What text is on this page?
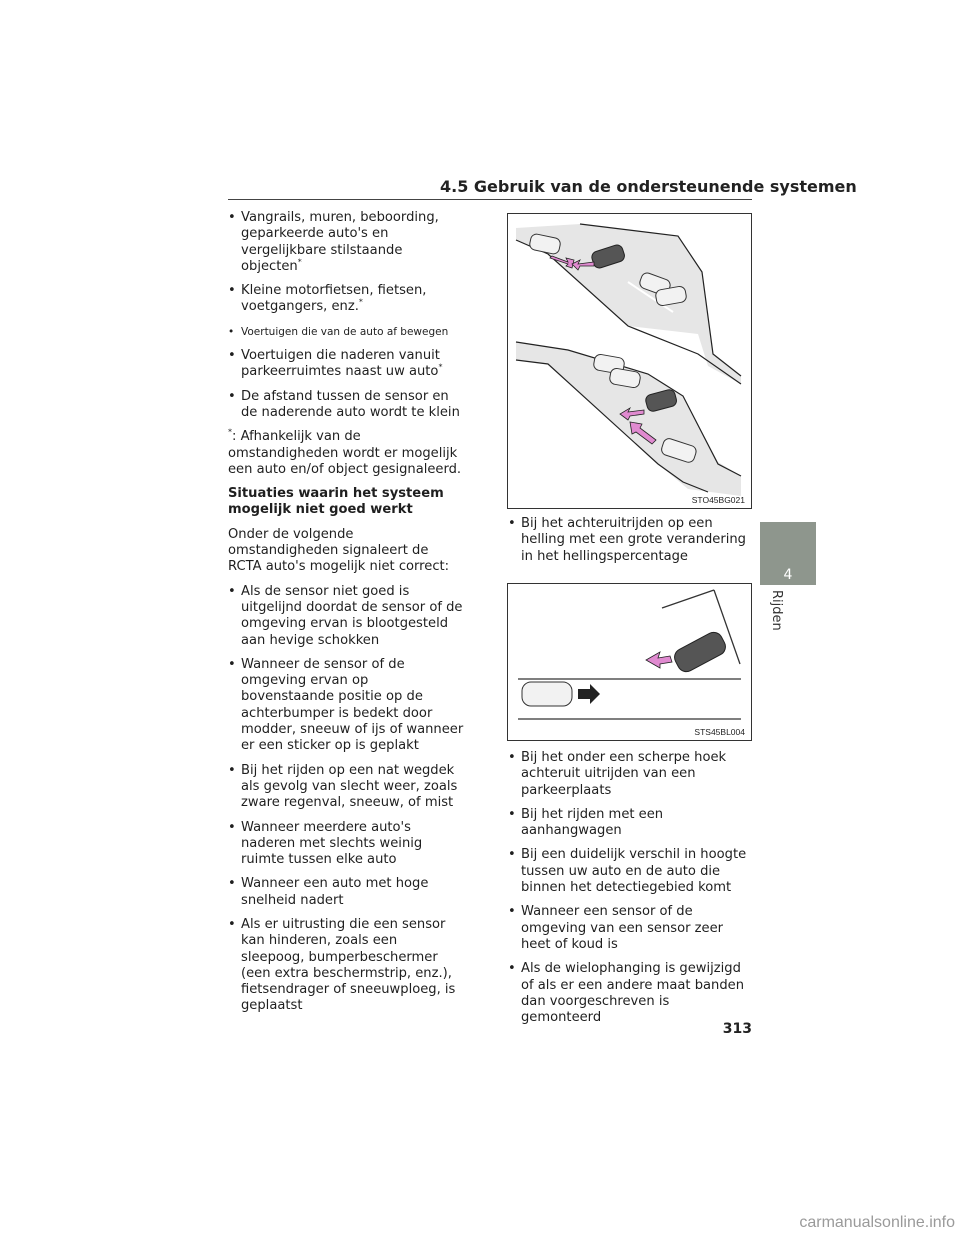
4.5 Gebruik van de ondersteunende systemen
• Vangrails, muren, beboording, geparkeerde auto's en vergelijkbare stilstaande objecten*
• Kleine motorfietsen, fietsen, voetgangers, enz.*
• Voertuigen die van de auto af bewegen
• Voertuigen die naderen vanuit parkeerruimtes naast uw auto*
• De afstand tussen de sensor en de naderende auto wordt te klein
*: Afhankelijk van de omstandigheden wordt er mogelijk een auto en/of object gesignaleerd.
Situaties waarin het systeem mogelijk niet goed werkt
Onder de volgende omstandigheden signaleert de RCTA auto's mogelijk niet correct:
• Als de sensor niet goed is uitgelijnd doordat de sensor of de omgeving ervan is blootgesteld aan hevige schokken
• Wanneer de sensor of de omgeving ervan op bovenstaande positie op de achterbumper is bedekt door modder, sneeuw of ijs of wanneer er een sticker op is geplakt
• Bij het rijden op een nat wegdek als gevolg van slecht weer, zoals zware regenval, sneeuw, of mist
• Wanneer meerdere auto's naderen met slechts weinig ruimte tussen elke auto
• Wanneer een auto met hoge snelheid nadert
• Als er uitrusting die een sensor kan hinderen, zoals een sleepoog, bumperbeschermer (een extra beschermstrip, enz.), fietsendrager of sneeuwploeg, is geplaatst
STO45BG021
• Bij het achteruitrijden op een helling met een grote verandering in het hellingspercentage
STS45BL004
• Bij het onder een scherpe hoek achteruit uitrijden van een parkeerplaats
• Bij het rijden met een aanhangwagen
• Bij een duidelijk verschil in hoogte tussen uw auto en de auto die binnen het detectiegebied komt
• Wanneer een sensor of de omgeving van een sensor zeer heet of koud is
• Als de wielophanging is gewijzigd of als er een andere maat banden dan voorgeschreven is gemonteerd
4
Rijden
313
carmanualsonline.info
